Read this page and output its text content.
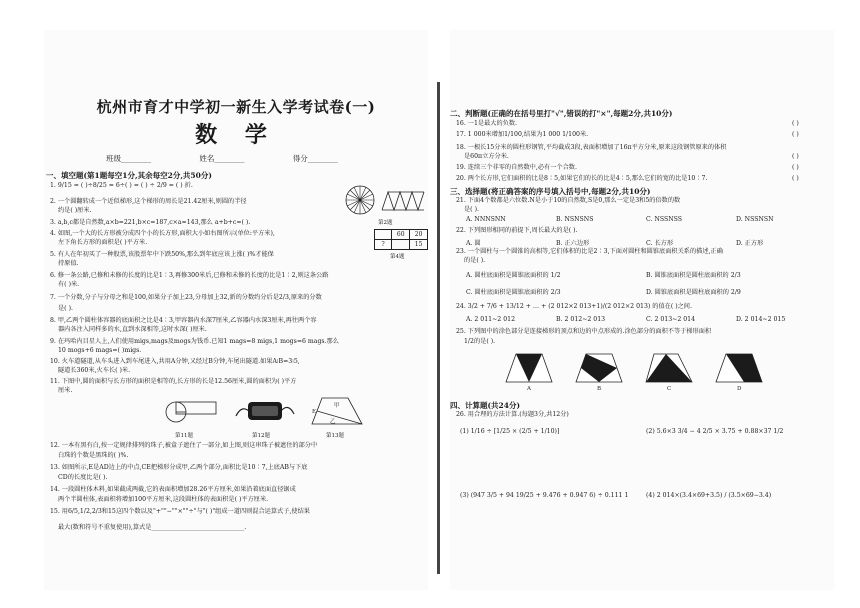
杭州市育才中学初一新生入学考试卷(一)
数 学
班级________	姓名________	得分________
一、填空题(第1题每空1分,其余每空2分,共50分)
1. 9/15 = ( )÷8/25 = 6÷( ) = ( ) ÷ 2/9 = ( ) 折.
2. 一个圆翻转成一个近似梯形,这个梯形的周长是21.42厘米,则圆的半径
约是( )厘米.
3. a,b,c都是自然数,a×b=221,b×c=187,c×a=143,那么 a+b+c=( ).
4. 如图,一个大的长方形被分成四个小的长方形,面积大小如右图所示(单位:平方米),
左下角长方形的面积是( )平方米.
5. 有人在年初买了一种股票,该股票年中下跌50%,那么到年底应该上涨( )%才能保
持原值.
6. 修一条公路,已修和未修的长度的比是1∶3,再修300米后,已修和未修的长度的比是1∶2,则这条公路
有( )米.
7. 一个分数,分子与分母之和是100,如果分子加上23,分母加上32,新的分数约分后是2/3,原来的分数
是( ).
8. 甲,乙两个圆柱体容器的底面积之比是4∶3,甲容器内水深7厘米,乙容器内水深3厘米,再往两个容
器内各注入同样多的水,直到水深相等,这时水深( )厘米.
9. 在玛哈内目星人上,人们使用migs,mags及mogs为钱币.已知1 mags=8 migs,1 mogs=6 mags.那么
10 mogs+6 mags=( )migs.
10. 火车道隧道,从车头进入到车尾进入,共用A分钟,又经过B分钟,车尾出隧道.如果A∶B=3∶5,
隧道长360米,火车长( )米.
11. 下图中,圆的面积与长方形的面积是相等的,长方形的长是12.56厘米,圆的面积为( )平方
厘米.
第11题	第12题
E
甲
乙
第13题
12. 一本有黑有白,按一定规律排列的珠子,被盒子遮住了一部分,如上图,则这串珠子被遮住的部分中
白珠的个数是黑珠的( )%.
13. 如图所示,E是AD边上的中点,CE把梯形分成甲,乙两个部分,面积比是10∶7,上底AB与下底
CD的长度比是( ).
14. 一段圆柱体木料,如果截成两截,它的表面积增加28.26平方厘米,如果沿着底面直径锯成
两个半圆柱体,表面积将增加100平方厘米,这段圆柱体的表面积是( )平方厘米.
15. 用6/5,1/2,2/3和15这四个数以及"+""−""×""÷"与"( )"组成一道四则混合运算式子,使结果
最大(数和符号不重复使用),算式是______________________________.
第2题
	60	20
?		15
第4题
二、判断题(正确的在括号里打"√",错误的打"×",每题2分,共10分)
16. 一1是最大的负数.
17. 1 000米增加1/100,结果为1 000 1/100米.
18. 一根长15分米的圆柱形钢管,平均截成3段,表面积增加了16π平方分米,原来这段钢管原来的体积
是60π立方分米.
19. 连续三个非零的自然数中,必有一个合数.
20. 两个长方形,它们面积的比是8∶5,如果它们的长的比是4∶5,那么它们的宽的比是10∶7.
( )
( )
( )
( )
( )
三、选择题(将正确答案的序号填入括号中,每题2分,共10分)
21. 下面4个数都是六位数.N是小于10的自然数,S是0,那么一定是3和5的倍数的数
是( ).
A. NNNSNN	B. NSNSNS	C. NSSNSS	D. NSSNSN
22. 下列图形相同的前提下,周长最大的是( ).
A. 圆	B. 正六边形	C. 长方形	D. 正方形
23. 一个圆柱与一个圆锥的高相等,它们体积的比是2∶3,下面对圆柱和圆锥底面积关系的描述,正确
的是( ).
A. 圆柱底面积是圆锥底面积的 1/2	B. 圆锥底面积是圆柱底面积的 2/3
C. 圆柱底面积是圆锥底面积的 2/3	D. 圆锥底面积是圆柱底面积的 2/9
24. 3/2 + 7/6 + 13/12 + … + (2 012×2 013+1)/(2 012×2 013) 的值在( )之间.
A. 2 011~2 012	B. 2 012~2 013	C. 2 013~2 014	D. 2 014~2 015
25. 下列图中的涂色部分是连接梯形的顶点和边的中点形成的.涂色部分的面积不等于梯形面积
1/2的是( ).
A	B	C	D
四、计算题(共24分)
26. 用合理的方法计算.(每题3分,共12分)
(1) 1/16 ÷ [1/25 × (2/5 + 1/10)]	(2) 5.6×3 3/4 − 4 2/5 × 3.75 + 0.88×37 1/2
(3) (947 3/5 + 94 19/25 + 9.476 + 0.947 6) ÷ 0.111 1	(4) 2 014×(3.4×69+3.5) / (3.5×69−3.4)
